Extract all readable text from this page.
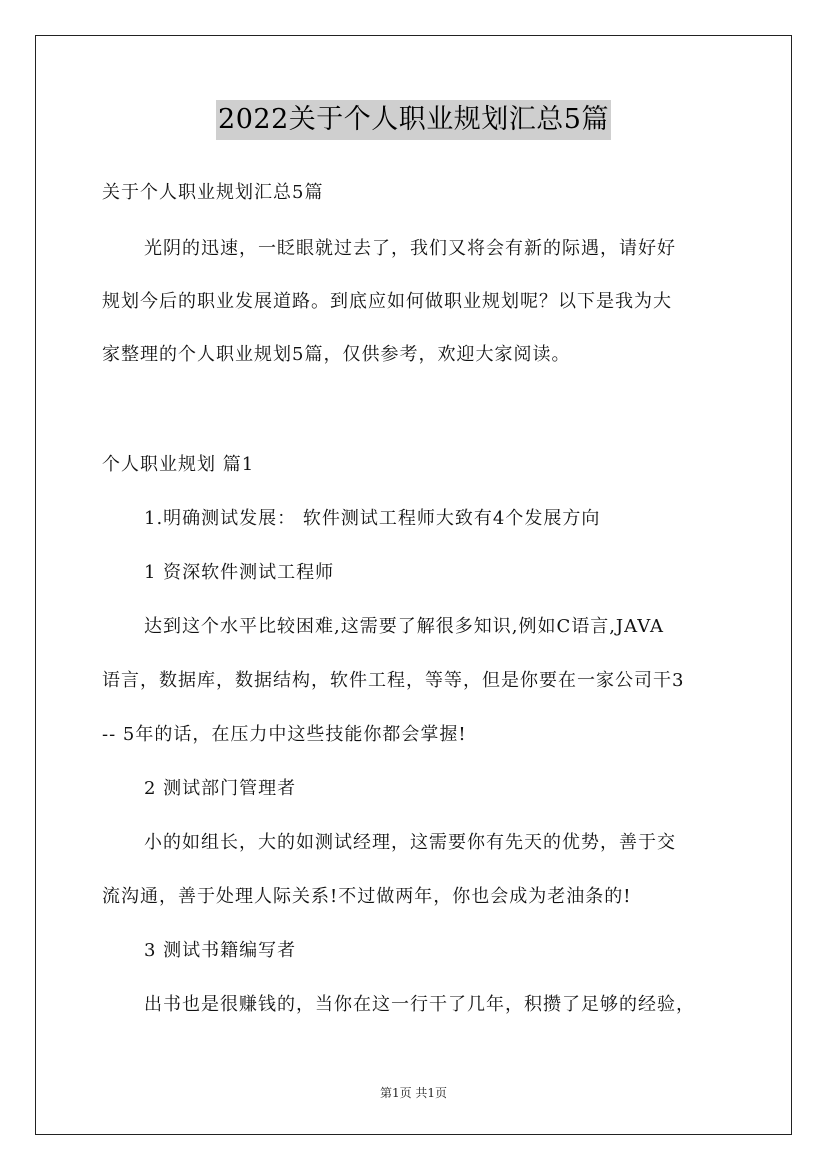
2022关于个人职业规划汇总5篇
关于个人职业规划汇总5篇
光阴的迅速，一眨眼就过去了，我们又将会有新的际遇，请好好
规划今后的职业发展道路。到底应如何做职业规划呢？以下是我为大
家整理的个人职业规划5篇，仅供参考，欢迎大家阅读。
个人职业规划 篇1
1.明确测试发展： 软件测试工程师大致有4个发展方向
1 资深软件测试工程师
达到这个水平比较困难,这需要了解很多知识,例如C语言,JAVA
语言，数据库，数据结构，软件工程，等等，但是你要在一家公司干3
-- 5年的话，在压力中这些技能你都会掌握!
2 测试部门管理者
小的如组长，大的如测试经理，这需要你有先天的优势，善于交
流沟通，善于处理人际关系!不过做两年，你也会成为老油条的!
3 测试书籍编写者
出书也是很赚钱的，当你在这一行干了几年，积攒了足够的经验，
第1页 共1页
